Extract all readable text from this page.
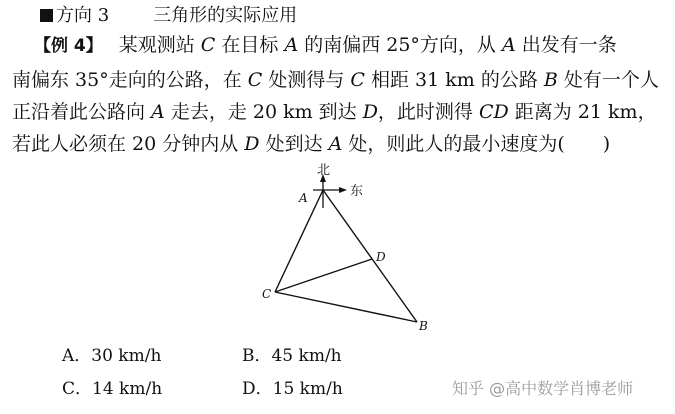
方向 3 三角形的实际应用
【例 4】 某观测站 C 在目标 A 的南偏西 25°方向，从 A 出发有一条
南偏东 35°走向的公路，在 C 处测得与 C 相距 31 km 的公路 B 处有一个人
正沿着此公路向 A 走去，走 20 km 到达 D，此时测得 CD 距离为 21 km，
若此人必须在 20 分钟内从 D 处到达 A 处，则此人的最小速度为(　　)
北
东
A
C
D
B
A．30 km/h	B．45 km/h
C．14 km/h	D．15 km/h	知乎 @高中数学肖博老师
